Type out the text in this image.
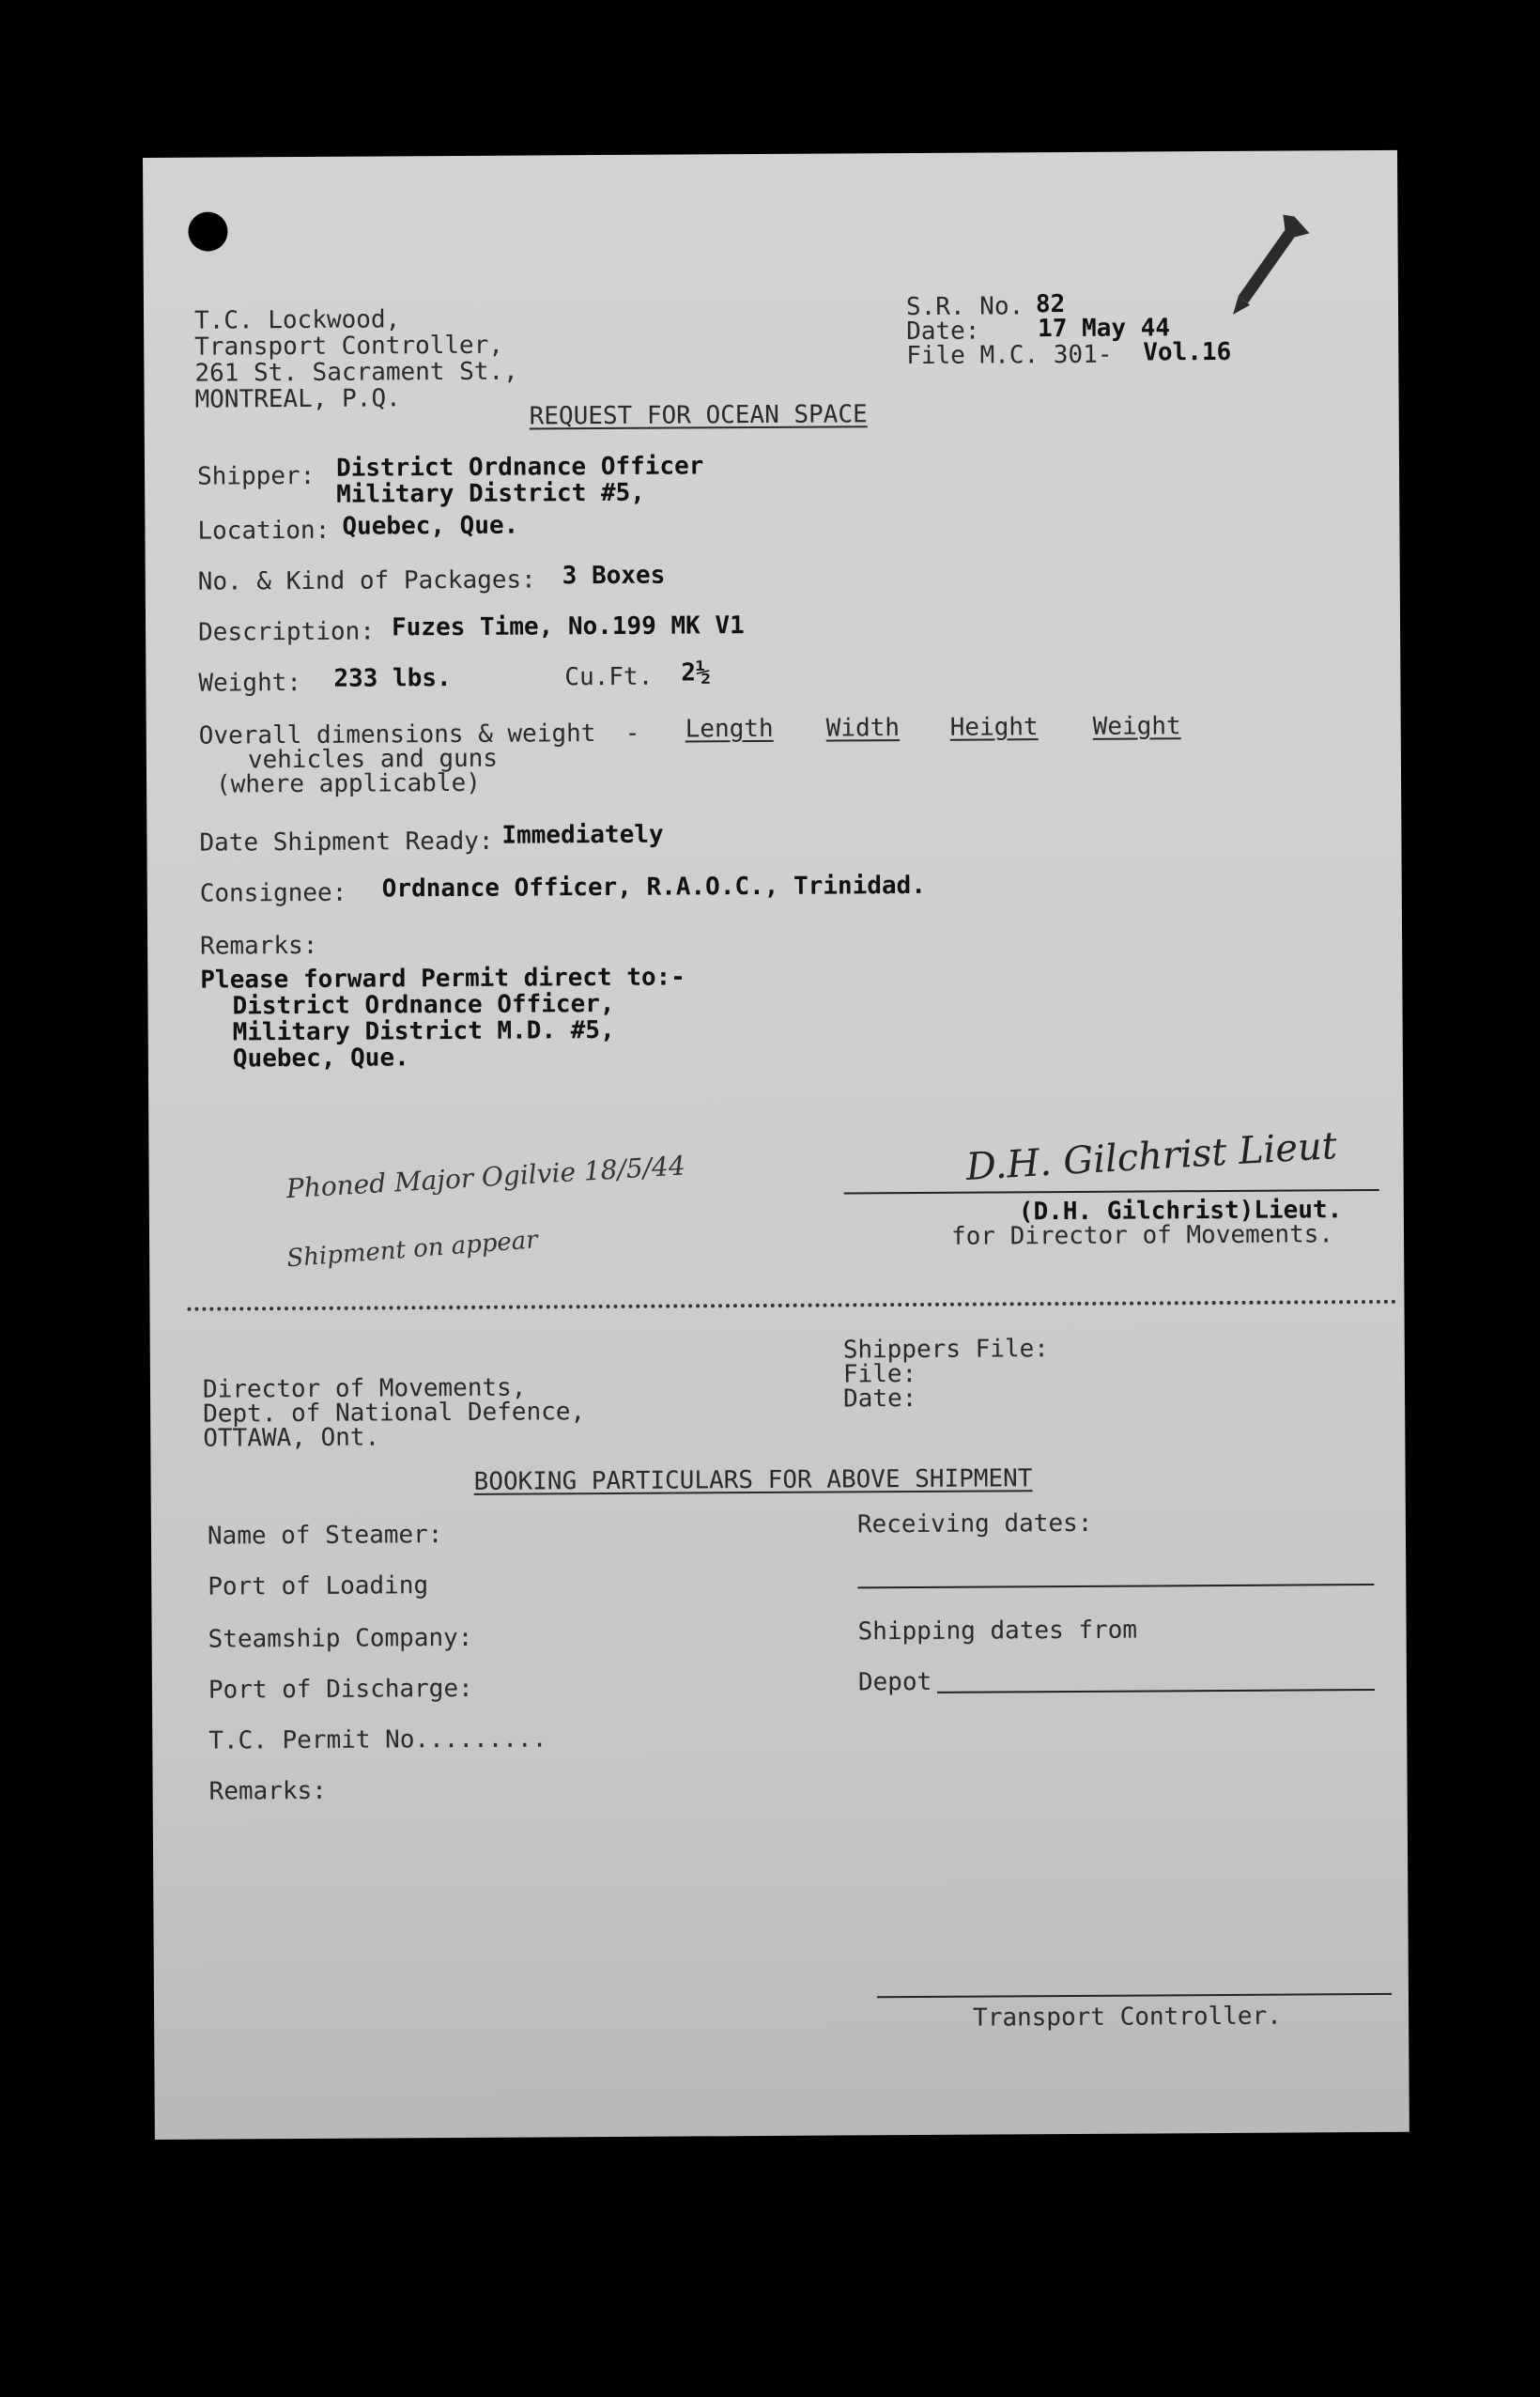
T.C. Lockwood,
Transport Controller,
261 St. Sacrament St.,
MONTREAL, P.Q.
S.R. No. 82
Date: 17 May 44
File M.C. 301- Vol.16
REQUEST FOR OCEAN SPACE
Shipper: District Ordnance Officer
Military District #5,
Location: Quebec, Que.
No. & Kind of Packages: 3 Boxes
Description: Fuzes Time, No.199 MK V1
Weight: 233 lbs.	Cu.Ft. 2½
Overall dimensions & weight  -
vehicles and guns
(where applicable)
Length Width Height Weight
Date Shipment Ready: Immediately
Consignee: Ordnance Officer, R.A.O.C., Trinidad.
Remarks:
Please forward Permit direct to:-
District Ordnance Officer,
Military District M.D. #5,
Quebec, Que.
Phoned Major Ogilvie 18/5/44
Shipment on appear
D.H. Gilchrist Lieut
(D.H. Gilchrist)Lieut.
for Director of Movements.
Director of Movements,
Dept. of National Defence,
OTTAWA, Ont.
Shippers File:
File:
Date:
BOOKING PARTICULARS FOR ABOVE SHIPMENT
Name of Steamer:
Port of Loading
Steamship Company:
Port of Discharge:
T.C. Permit No.........
Remarks:
Receiving dates:
Shipping dates from
Depot
Transport Controller.
